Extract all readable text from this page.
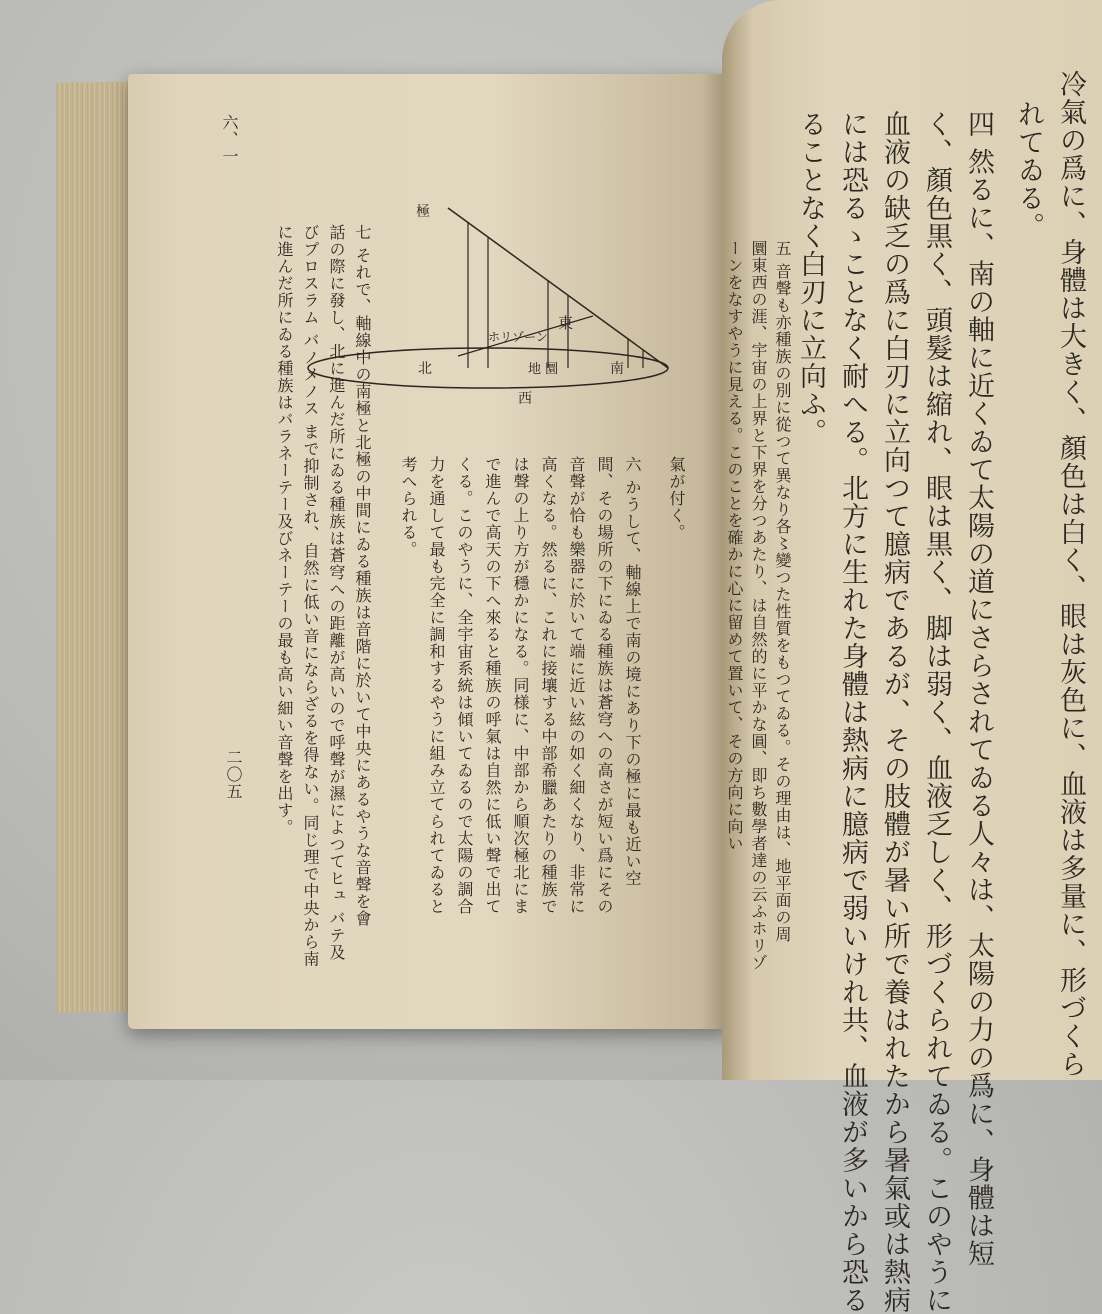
六、一
二〇五	七 それで、軸線中の南極と北極の中間にゐる種族は音階に於いて中央にあるやうな音聲を會
話の際に發し、北に進んだ所にゐる種族は蒼穹への距離が高いので呼聲が濕によつてヒュ バテ及
びプロスラム バノメノス まで抑制され、自然に低い音にならざるを得ない。同じ理で中央から南
に進んだ所にゐる種族はバラネーテー及びネーテーの最も高い細い音聲を出す。	考へられる。 力を通して最も完全に調和するやうに組み立てられてゐると くる。このやうに、全宇宙系統は傾いてゐるので太陽の調合 で進んで高天の下へ來ると種族の呼氣は自然に低い聲で出て は聲の上り方が穩かになる。同様に、中部から順次極北にま 高くなる。然るに、これに接壤する中部希臘あたりの種族で 音聲が恰も樂器に於いて端に近い絃の如く細くなり、非常に 間、その場所の下にゐる種族は蒼穹への高さが短い爲にその 六 かうして、軸線上で南の境にあり下の極に最も近い空 氣が付く。
極
ホリゾーン
東
北	南
地 圜
西	冷氣の爲に、身體は大きく、顏色は白く、眼は灰色に、血液は多量に、形づくら
れてゐる。
四 然るに、南の軸に近くゐて太陽の道にさらされてゐる人々は、太陽の力の爲に、身體は短
く、顏色黒く、頭髮は縮れ、眼は黒く、脚は弱く、血液乏しく、形づくられてゐる。このやうに
血液の缺乏の爲に白刃に立向つて臆病であるが、その肢體が暑い所で養はれたから暑氣或は熱病
には恐るゝことなく耐へる。北方に生れた身體は熱病に臆病で弱いけれ共、血液が多いから恐る
ることなく白刃に立向ふ。
五 音聲も亦種族の別に從つて異なり各〻變つた性質をもつてゐる。その理由は、地平面の周
圜東西の涯、宇宙の上界と下界を分つあたり、は自然的に平かな圓、即ち數學者達の云ふホリゾ
ーンをなすやうに見える。このことを確かに心に留めて置いて、その方向に向い
